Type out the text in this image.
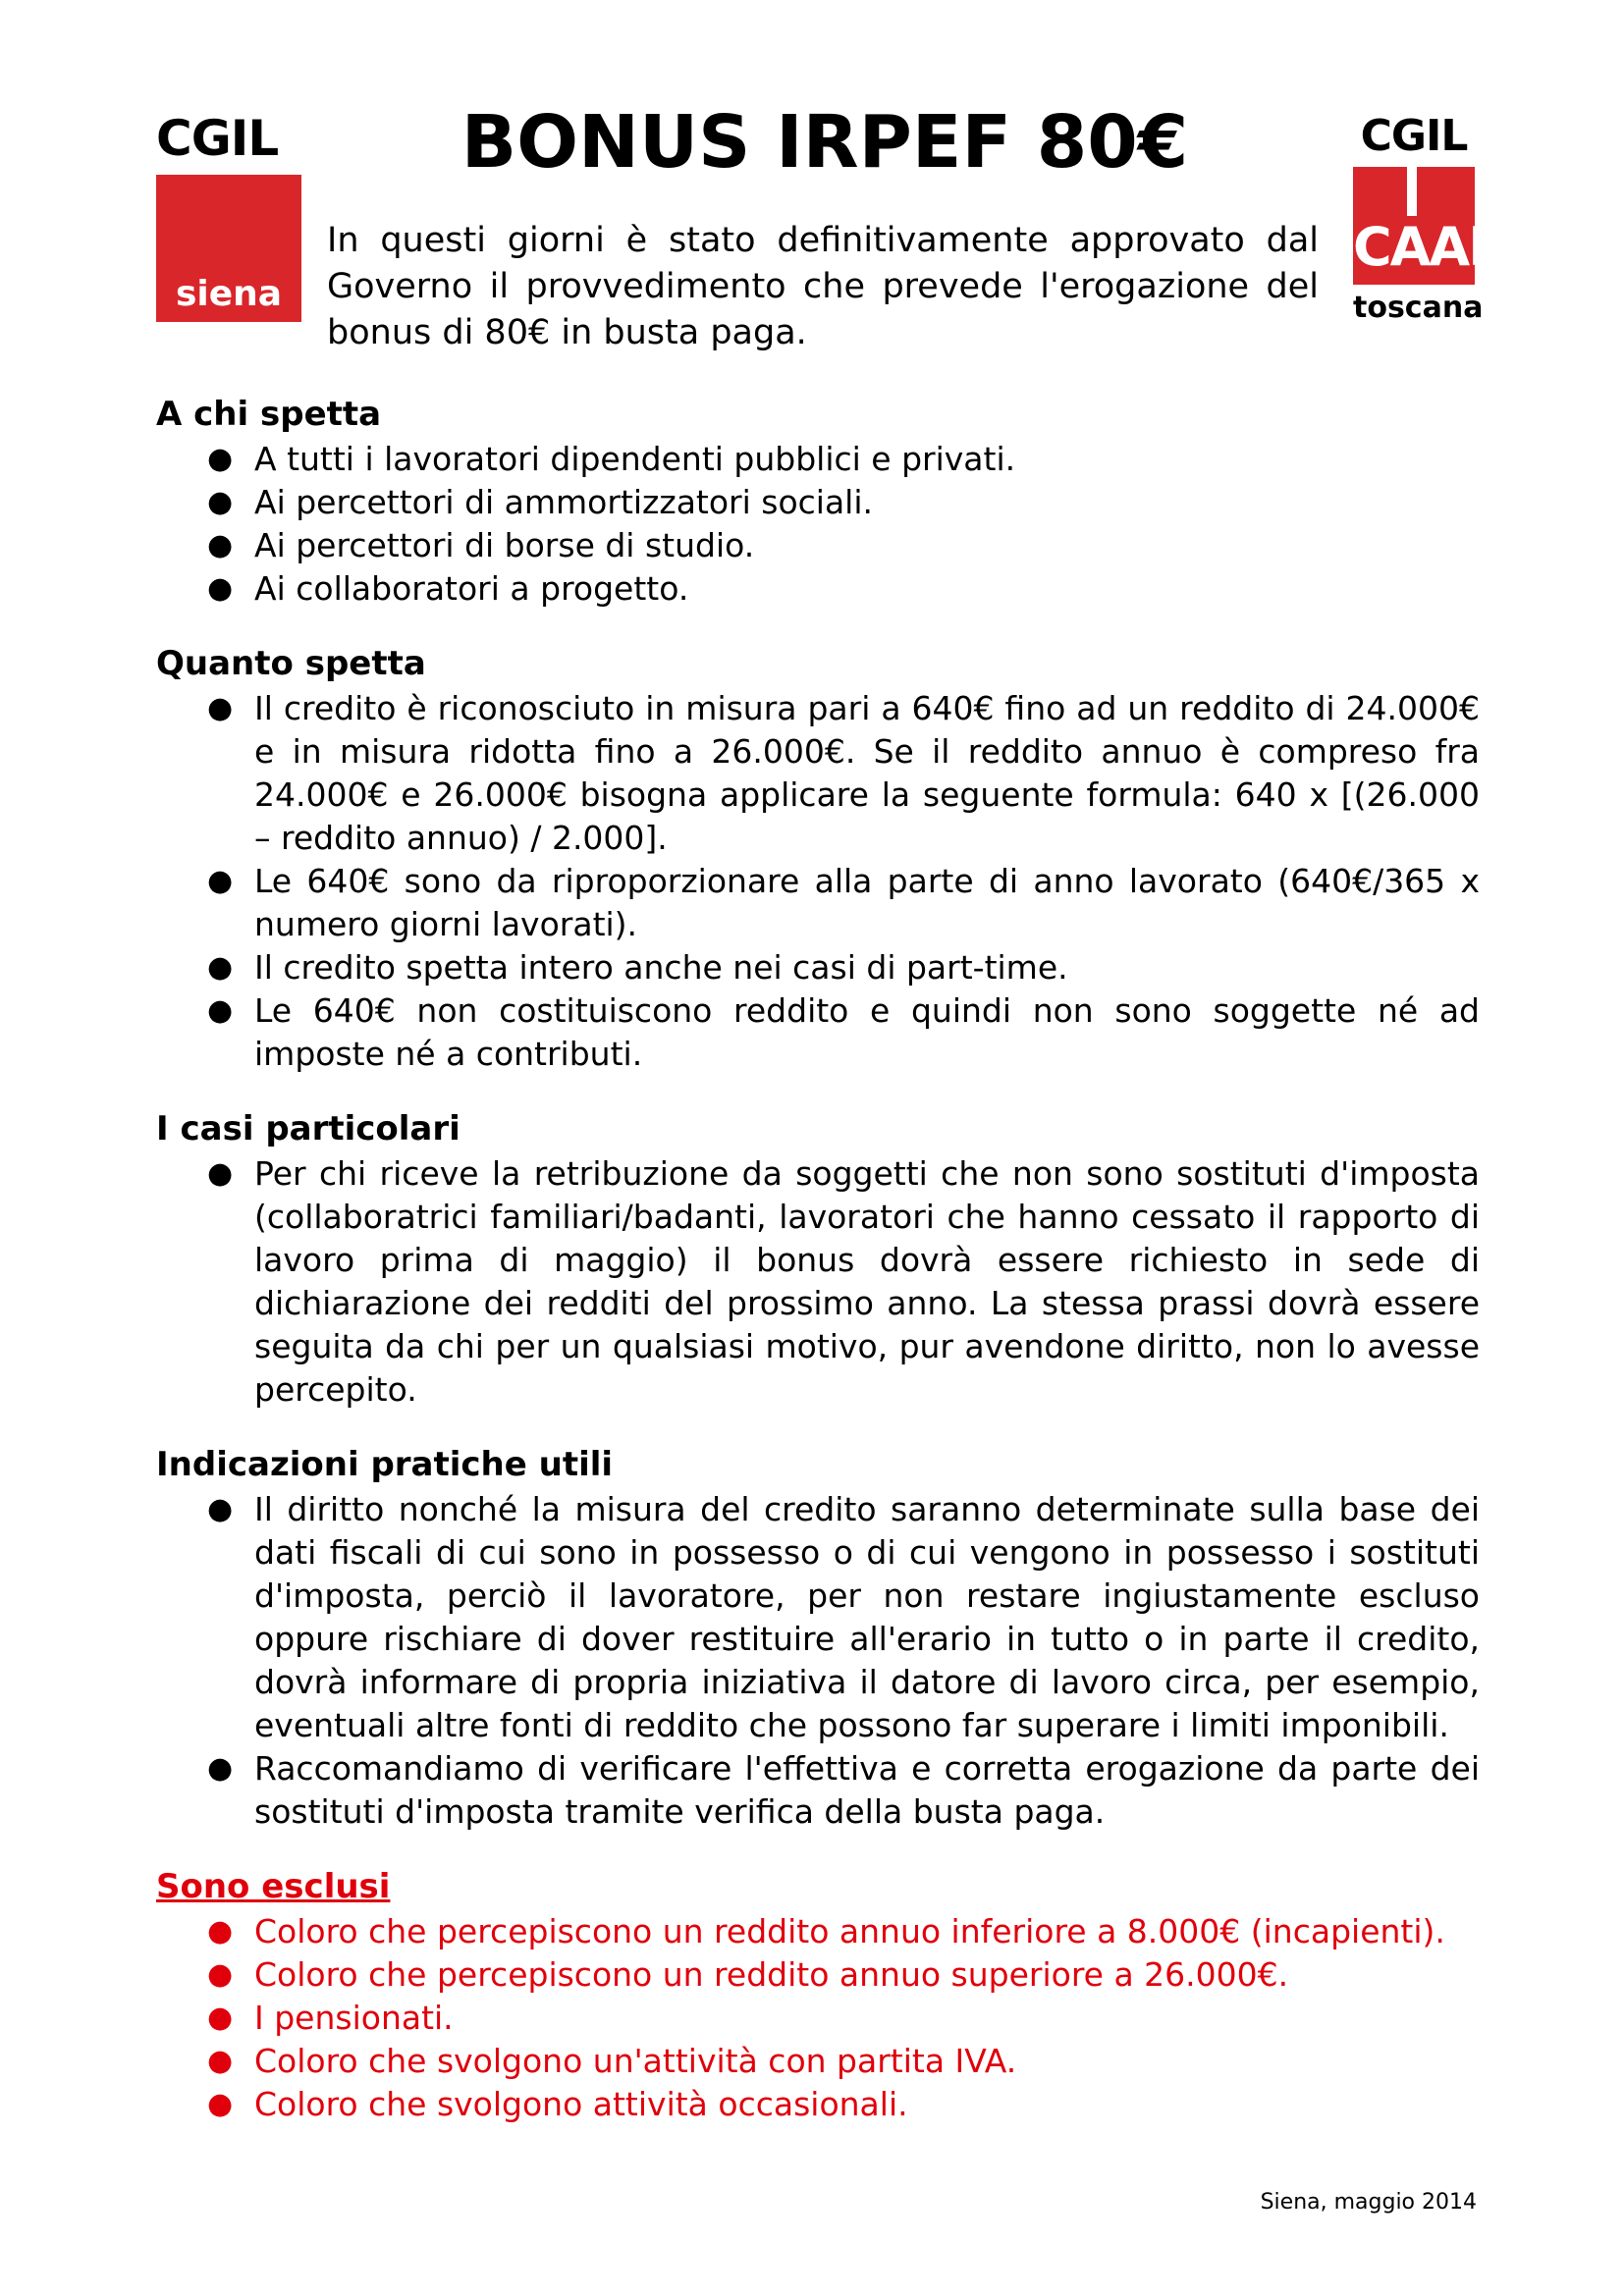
CGIL
siena
CGIL
CAAF
toscana
BONUS IRPEF 80€
In questi giorni è stato definitivamente approvato dal Governo il provvedimento che prevede l'erogazione del bonus di 80€ in busta paga.
A chi spetta
● A tutti i lavoratori dipendenti pubblici e privati.
● Ai percettori di ammortizzatori sociali.
● Ai percettori di borse di studio.
● Ai collaboratori a progetto.
Quanto spetta
● Il credito è riconosciuto in misura pari a 640€ fino ad un reddito di 24.000€ e in misura ridotta fino a 26.000€. Se il reddito annuo è compreso fra 24.000€ e 26.000€ bisogna applicare la seguente formula: 640 x [(26.000 – reddito annuo) / 2.000].
● Le 640€ sono da riproporzionare alla parte di anno lavorato (640€/365 x numero giorni lavorati).
● Il credito spetta intero anche nei casi di part-time.
● Le 640€ non costituiscono reddito e quindi non sono soggette né ad imposte né a contributi.
I casi particolari
● Per chi riceve la retribuzione da soggetti che non sono sostituti d'imposta (collaboratrici familiari/badanti, lavoratori che hanno cessato il rapporto di lavoro prima di maggio) il bonus dovrà essere richiesto in sede di dichiarazione dei redditi del prossimo anno. La stessa prassi dovrà essere seguita da chi per un qualsiasi motivo, pur avendone diritto, non lo avesse percepito.
Indicazioni pratiche utili
● Il diritto nonché la misura del credito saranno determinate sulla base dei dati fiscali di cui sono in possesso o di cui vengono in possesso i sostituti d'imposta, perciò il lavoratore, per non restare ingiustamente escluso oppure rischiare di dover restituire all'erario in tutto o in parte il credito, dovrà informare di propria iniziativa il datore di lavoro circa, per esempio, eventuali altre fonti di reddito che possono far superare i limiti imponibili.
● Raccomandiamo di verificare l'effettiva e corretta erogazione da parte dei sostituti d'imposta tramite verifica della busta paga.
Sono esclusi
● Coloro che percepiscono un reddito annuo inferiore a 8.000€ (incapienti).
● Coloro che percepiscono un reddito annuo superiore a 26.000€.
● I pensionati.
● Coloro che svolgono un'attività con partita IVA.
● Coloro che svolgono attività occasionali.
Siena, maggio 2014
